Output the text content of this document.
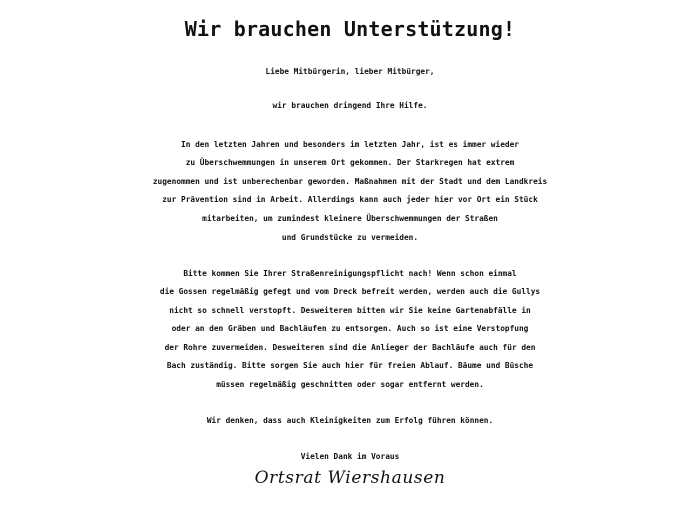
Wir brauchen Unterstützung!

Liebe Mitbürgerin, lieber Mitbürger,

wir brauchen dringend Ihre Hilfe.

In den letzten Jahren und besonders im letzten Jahr, ist es immer wieder

zu Überschwemmungen in unserem Ort gekommen. Der Starkregen hat extrem

zugenommen und ist unberechenbar geworden. Maßnahmen mit der Stadt und dem Landkreis

zur Prävention sind in Arbeit. Allerdings kann auch jeder hier vor Ort ein Stück

mitarbeiten, um zumindest kleinere Überschwemmungen der Straßen

und Grundstücke zu vermeiden.

Bitte kommen Sie Ihrer Straßenreinigungspflicht nach! Wenn schon einmal

die Gossen regelmäßig gefegt und vom Dreck befreit werden, werden auch die Gullys

nicht so schnell verstopft. Desweiteren bitten wir Sie keine Gartenabfälle in

oder an den Gräben und Bachläufen zu entsorgen. Auch so ist eine Verstopfung

der Rohre zuvermeiden. Desweiteren sind die Anlieger der Bachläufe auch für den

Bach zuständig. Bitte sorgen Sie auch hier für freien Ablauf. Bäume und Büsche

müssen regelmäßig geschnitten oder sogar entfernt werden.

Wir denken, dass auch Kleinigkeiten zum Erfolg führen können.

Vielen Dank im Voraus

Ortsrat Wiershausen
